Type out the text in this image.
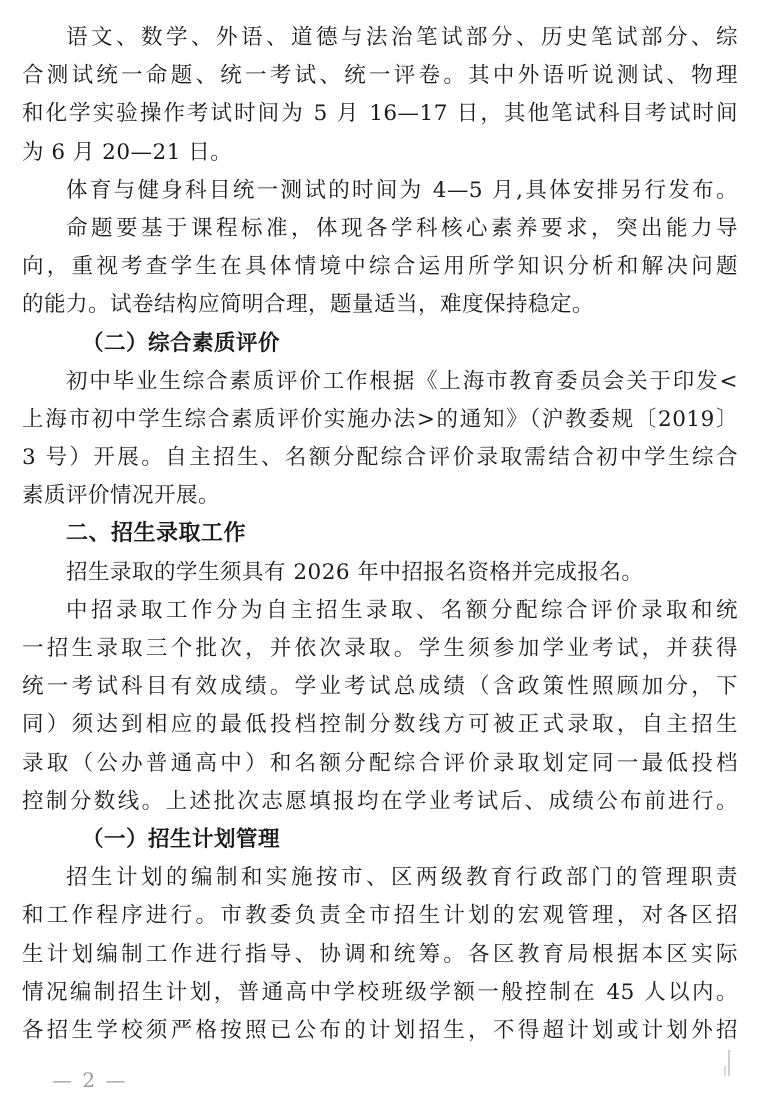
语文、数学、外语、道德与法治笔试部分、历史笔试部分、综
合测试统一命题、统一考试、统一评卷。其中外语听说测试、物理
和化学实验操作考试时间为 5 月 16—17 日，其他笔试科目考试时间
为 6 月 20—21 日。
体育与健身科目统一测试的时间为 4—5 月,具体安排另行发布。
命题要基于课程标准，体现各学科核心素养要求，突出能力导
向，重视考查学生在具体情境中综合运用所学知识分析和解决问题
的能力。试卷结构应简明合理，题量适当，难度保持稳定。
（二）综合素质评价
初中毕业生综合素质评价工作根据《上海市教育委员会关于印发<
上海市初中学生综合素质评价实施办法>的通知》（沪教委规〔2019〕
3 号）开展。自主招生、名额分配综合评价录取需结合初中学生综合
素质评价情况开展。
二、招生录取工作
招生录取的学生须具有 2026 年中招报名资格并完成报名。
中招录取工作分为自主招生录取、名额分配综合评价录取和统
一招生录取三个批次，并依次录取。学生须参加学业考试，并获得
统一考试科目有效成绩。学业考试总成绩（含政策性照顾加分，下
同）须达到相应的最低投档控制分数线方可被正式录取，自主招生
录取（公办普通高中）和名额分配综合评价录取划定同一最低投档
控制分数线。上述批次志愿填报均在学业考试后、成绩公布前进行。
（一）招生计划管理
招生计划的编制和实施按市、区两级教育行政部门的管理职责
和工作程序进行。市教委负责全市招生计划的宏观管理，对各区招
生计划编制工作进行指导、协调和统筹。各区教育局根据本区实际
情况编制招生计划，普通高中学校班级学额一般控制在 45 人以内。
各招生学校须严格按照已公布的计划招生，不得超计划或计划外招
— 2 —
